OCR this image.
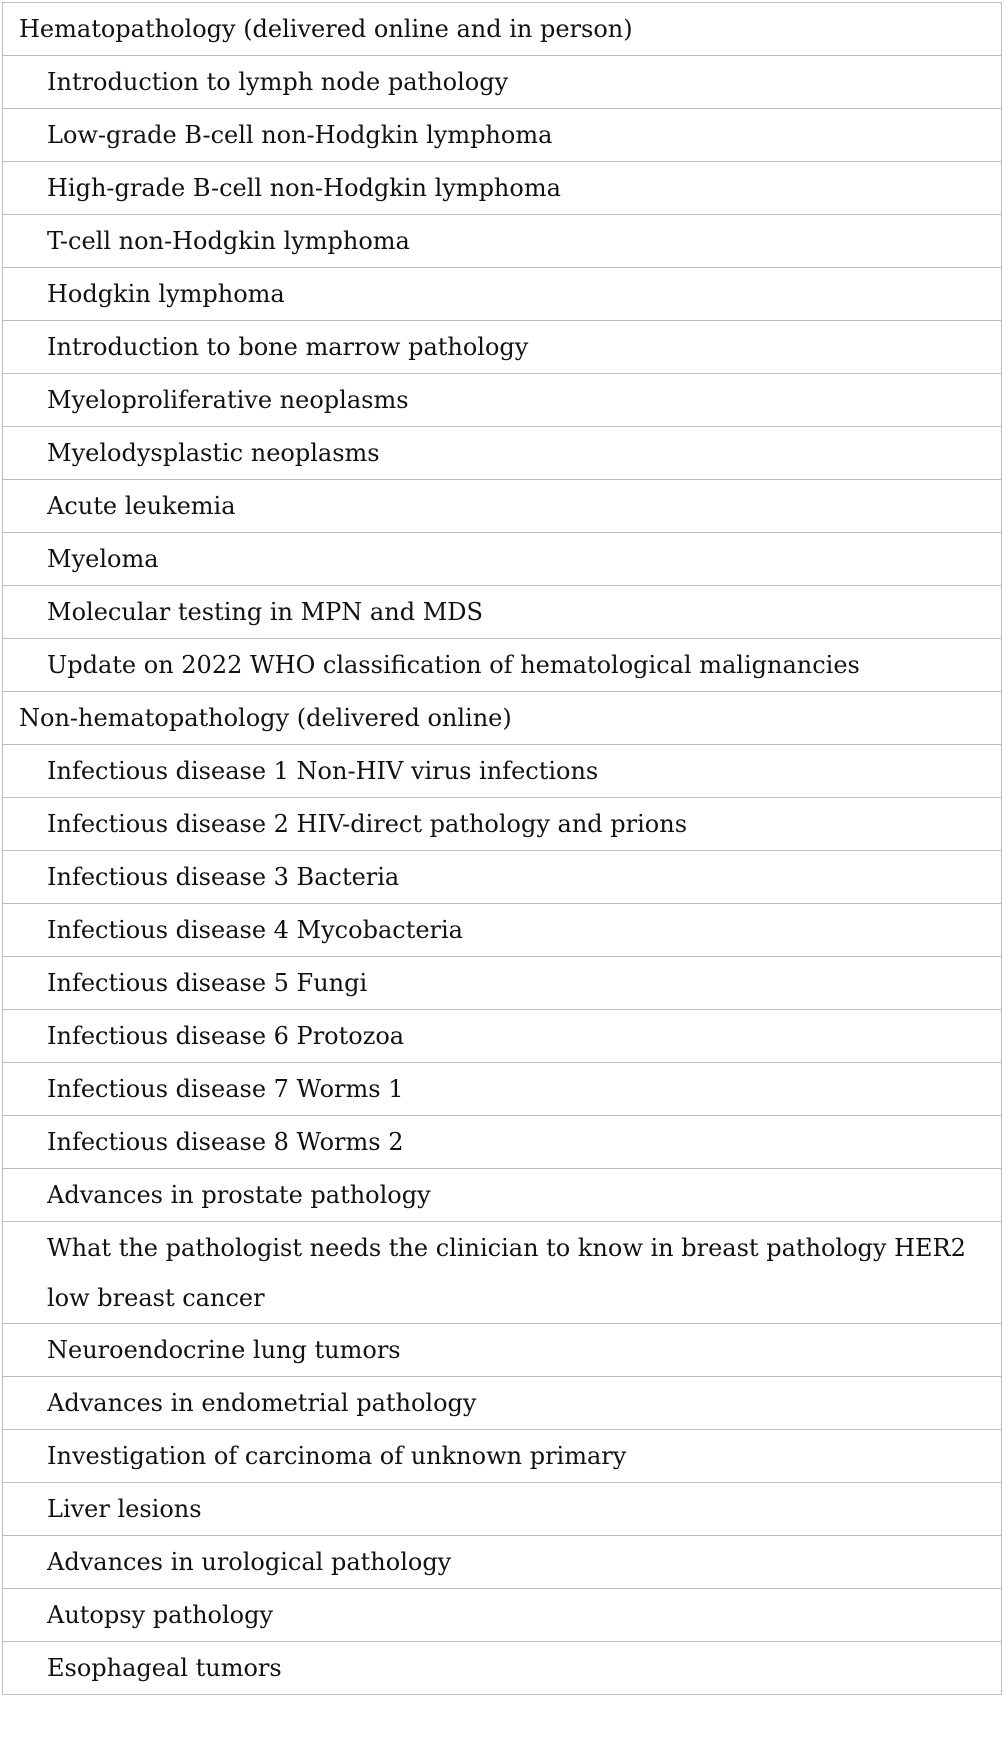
Hematopathology (delivered online and in person)
Introduction to lymph node pathology
Low-grade B-cell non-Hodgkin lymphoma
High-grade B-cell non-Hodgkin lymphoma
T-cell non-Hodgkin lymphoma
Hodgkin lymphoma
Introduction to bone marrow pathology
Myeloproliferative neoplasms
Myelodysplastic neoplasms
Acute leukemia
Myeloma
Molecular testing in MPN and MDS
Update on 2022 WHO classification of hematological malignancies
Non-hematopathology (delivered online)
Infectious disease 1 Non-HIV virus infections
Infectious disease 2 HIV-direct pathology and prions
Infectious disease 3 Bacteria
Infectious disease 4 Mycobacteria
Infectious disease 5 Fungi
Infectious disease 6 Protozoa
Infectious disease 7 Worms 1
Infectious disease 8 Worms 2
Advances in prostate pathology
What the pathologist needs the clinician to know in breast pathology HER2 low breast cancer
Neuroendocrine lung tumors
Advances in endometrial pathology
Investigation of carcinoma of unknown primary
Liver lesions
Advances in urological pathology
Autopsy pathology
Esophageal tumors
